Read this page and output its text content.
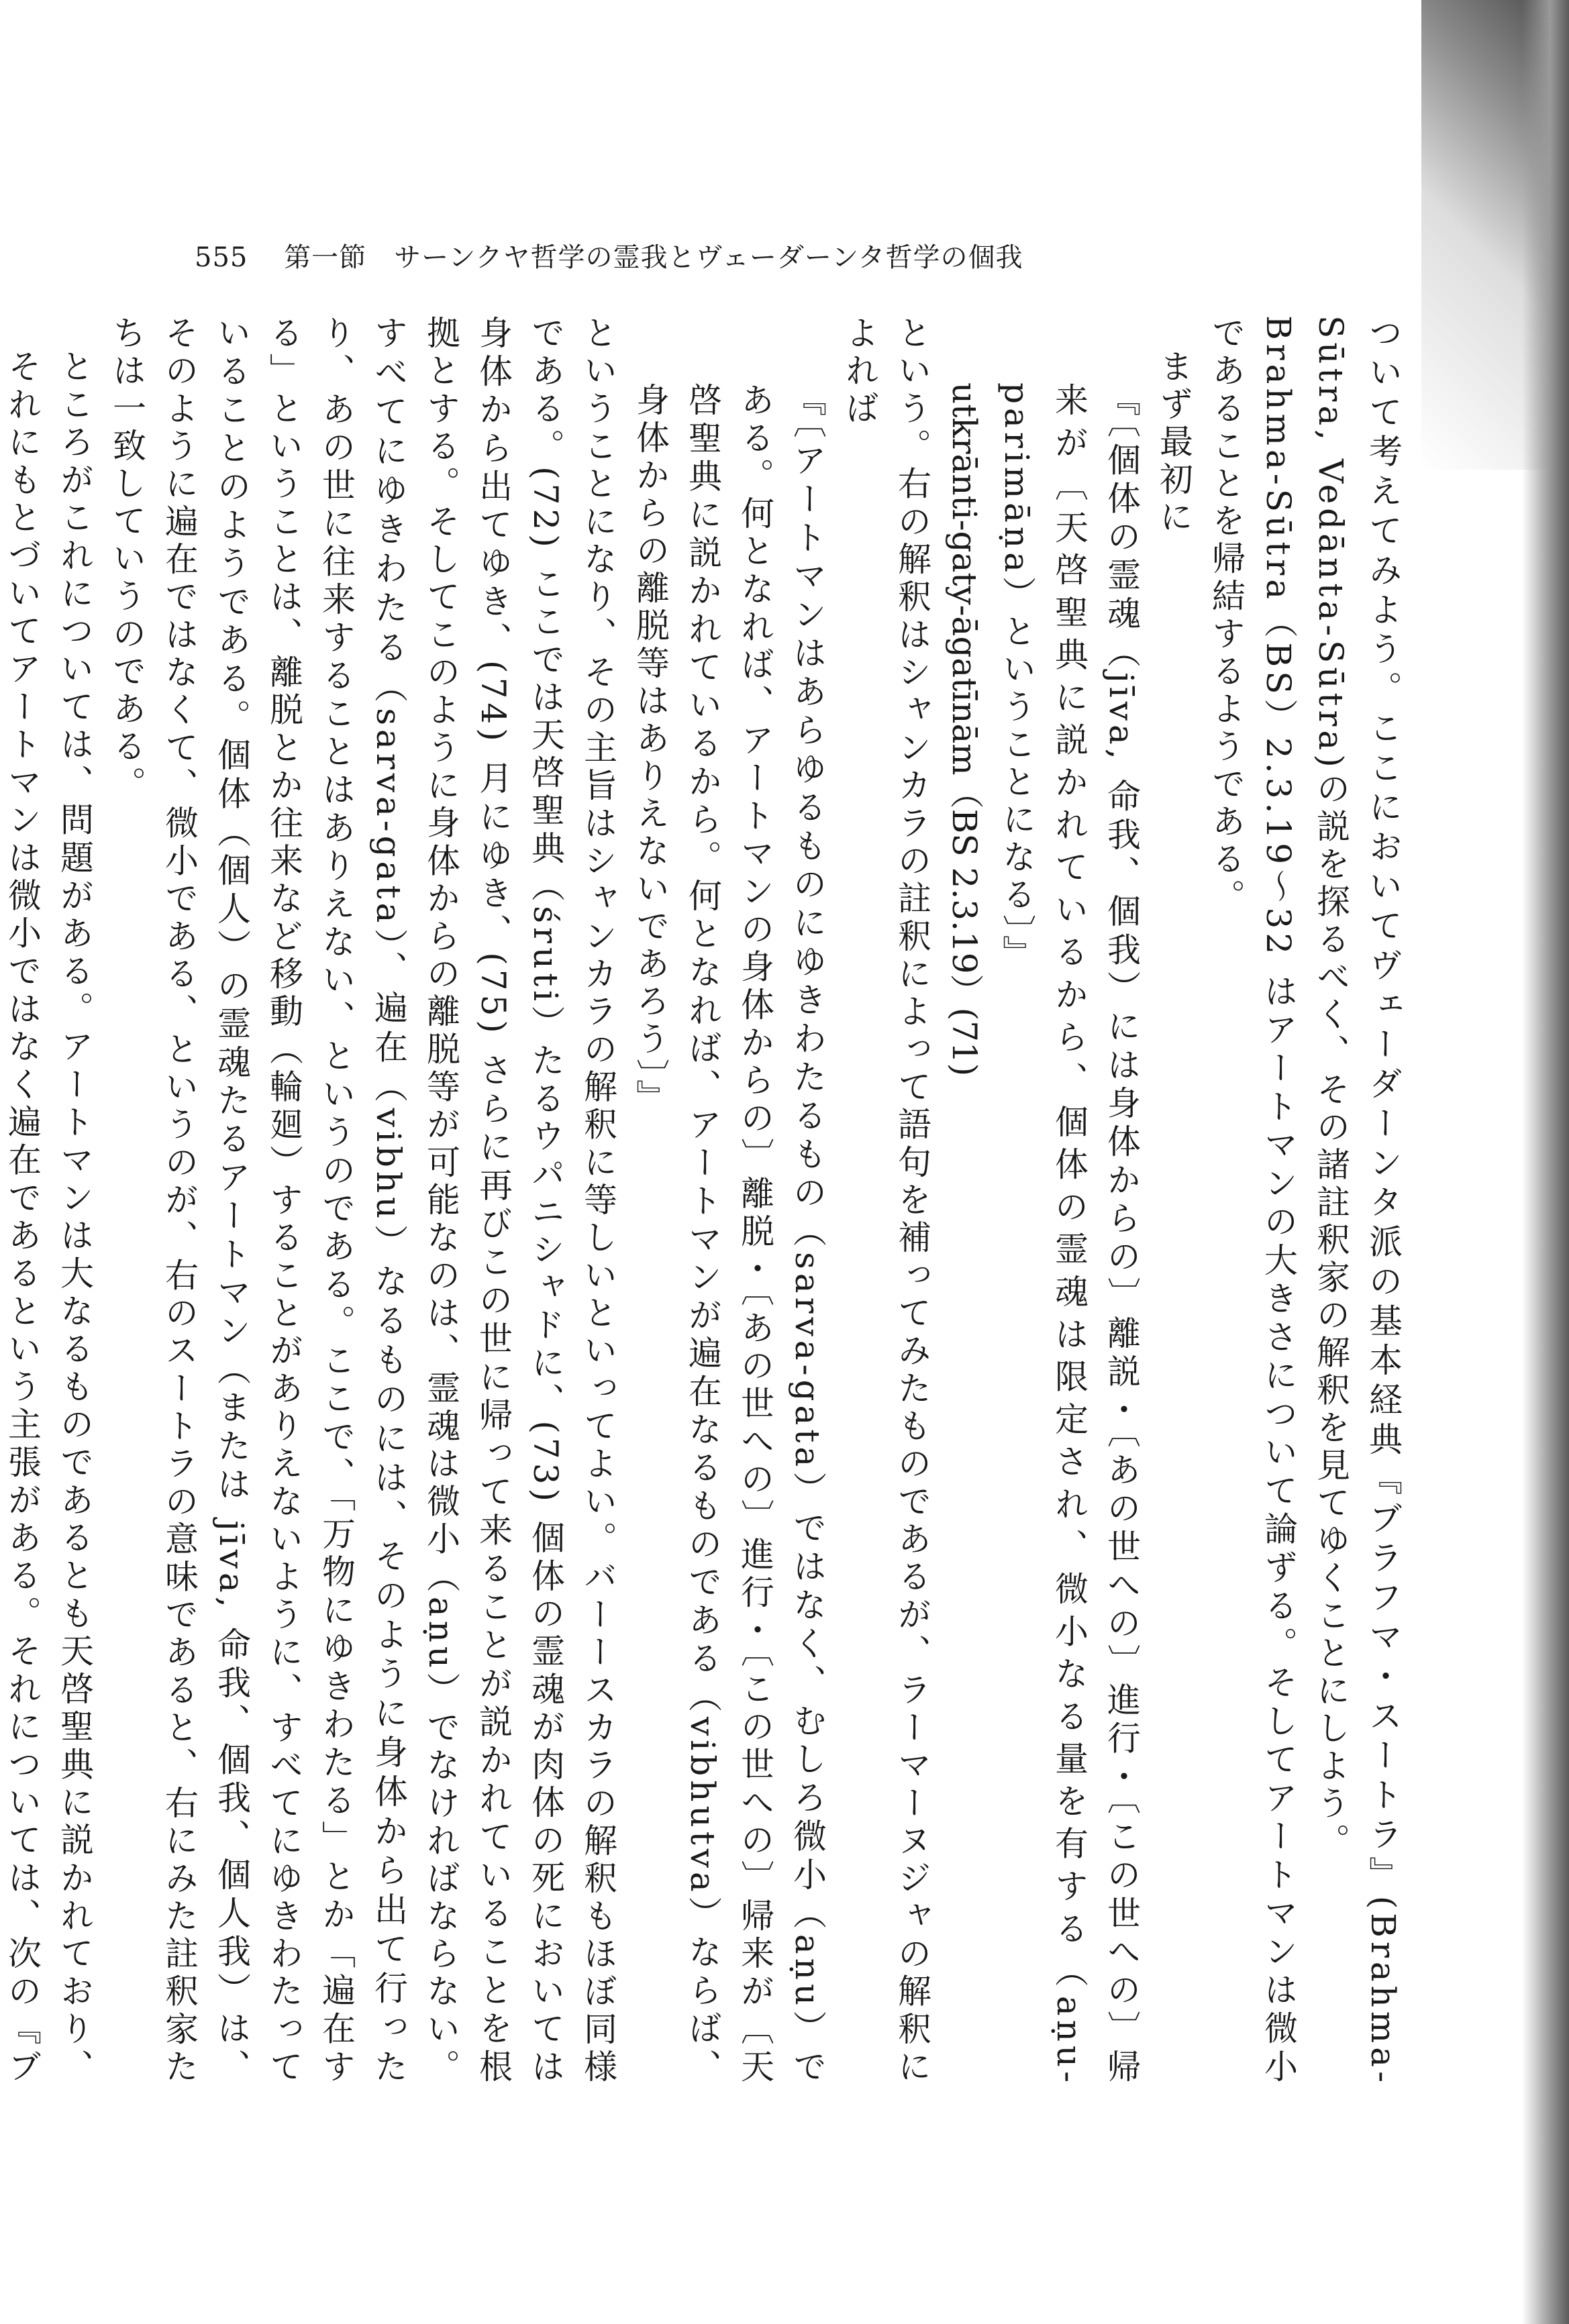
555 第一節　サーンクヤ哲学の霊我とヴェーダーンタ哲学の個我

ついて考えてみよう。ここにおいてヴェーダーンタ派の基本経典『ブラフマ・スートラ』(Brahma-Sūtra, Vedānta-Sūtra)の説を探るべく、その諸註釈家の解釈を見てゆくことにしよう。

Brahma-Sūtra（BS）2.3.19〜32 はアートマンの大きさについて論ずる。そしてアートマンは微小であることを帰結するようである。

まず最初に

『〔個体の霊魂（jīva, 命我、個我）には身体からの〕離説・〔あの世への〕進行・〔この世への〕帰来が〔天啓聖典に説かれているから、個体の霊魂は限定され、微小なる量を有する（aṇu-parimāṇa）ということになる〕』

utkrānti-gaty-āgatīnām（BS 2.3.19）(71)

という。右の解釈はシャンカラの註釈によって語句を補ってみたものであるが、ラーマーヌジャの解釈によれば

『〔アートマンはあらゆるものにゆきわたるもの（sarva-gata）ではなく、むしろ微小（aṇu）である。何となれば、アートマンの身体からの〕離脱・〔あの世への〕進行・〔この世への〕帰来が〔天啓聖典に説かれているから。何となれば、アートマンが遍在なるものである（vibhutva）ならば、身体からの離脱等はありえないであろう〕』

ということになり、その主旨はシャンカラの解釈に等しいといってよい。バーースカラの解釈もほぼ同様である。(72) ここでは天啓聖典（śruti）たるウパニシャドに、(73) 個体の霊魂が肉体の死においては身体から出てゆき、(74) 月にゆき、(75) さらに再びこの世に帰って来ることが説かれていることを根拠とする。そしてこのように身体からの離脱等が可能なのは、霊魂は微小（aṇu）でなければならない。すべてにゆきわたる（sarva-gata）、遍在（vibhu）なるものには、そのように身体から出て行ったり、あの世に往来することはありえない、というのである。ここで、「万物にゆきわたる」とか「遍在する」ということは、離脱とか往来など移動（輪廻）することがありえないように、すべてにゆきわたっていることのようである。個体（個人）の霊魂たるアートマン（または jīva, 命我、個我、個人我）は、そのように遍在ではなくて、微小である、というのが、右のスートラの意味であると、右にみた註釈家たちは一致していうのである。

ところがこれについては、問題がある。アートマンは大なるものであるとも天啓聖典に説かれており、それにもとづいてアートマンは微小ではなく遍在であるという主張がある。それについては、次の『ブ
